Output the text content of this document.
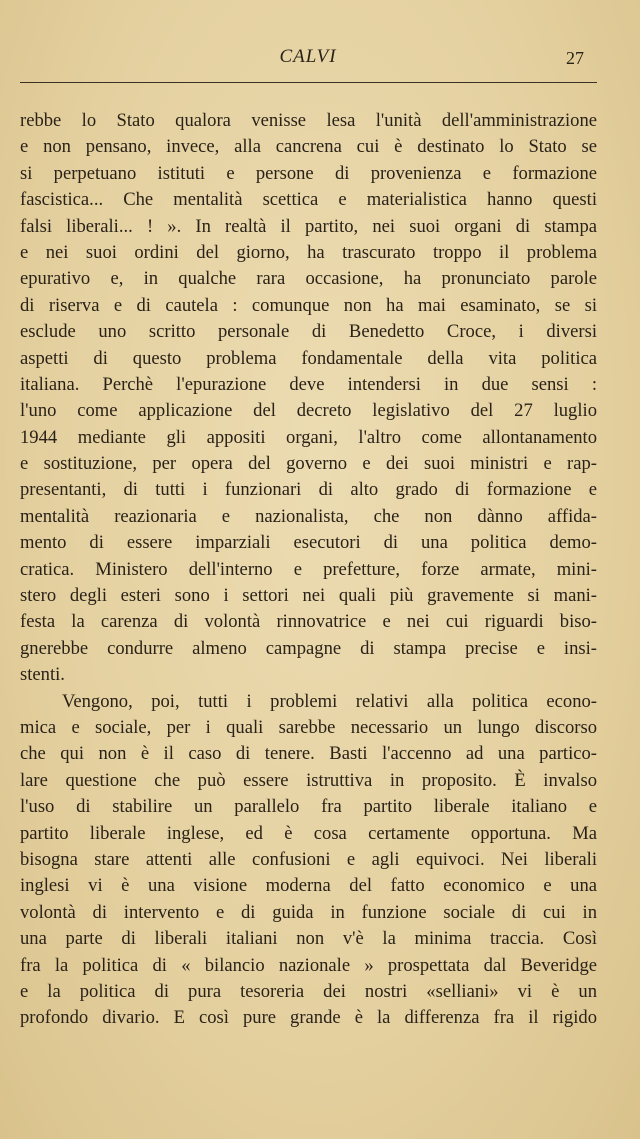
CALVI	27

rebbe lo Stato qualora venisse lesa l'unità dell'amministrazione
e non pensano, invece, alla cancrena cui è destinato lo Stato se
si perpetuano istituti e persone di provenienza e formazione
fascistica... Che mentalità scettica e materialistica hanno questi
falsi liberali... ! ». In realtà il partito, nei suoi organi di stampa
e nei suoi ordini del giorno, ha trascurato troppo il problema
epurativo e, in qualche rara occasione, ha pronunciato parole
di riserva e di cautela : comunque non ha mai esaminato, se si
esclude uno scritto personale di Benedetto Croce, i diversi
aspetti di questo problema fondamentale della vita politica
italiana. Perchè l'epurazione deve intendersi in due sensi :
l'uno come applicazione del decreto legislativo del 27 luglio
1944 mediante gli appositi organi, l'altro come allontanamento
e sostituzione, per opera del governo e dei suoi ministri e rap-
presentanti, di tutti i funzionari di alto grado di formazione e
mentalità reazionaria e nazionalista, che non dànno affida-
mento di essere imparziali esecutori di una politica demo-
cratica. Ministero dell'interno e prefetture, forze armate, mini-
stero degli esteri sono i settori nei quali più gravemente si mani-
festa la carenza di volontà rinnovatrice e nei cui riguardi biso-
gnerebbe condurre almeno campagne di stampa precise e insi-
stenti.

Vengono, poi, tutti i problemi relativi alla politica econo-
mica e sociale, per i quali sarebbe necessario un lungo discorso
che qui non è il caso di tenere. Basti l'accenno ad una partico-
lare questione che può essere istruttiva in proposito. È invalso
l'uso di stabilire un parallelo fra partito liberale italiano e
partito liberale inglese, ed è cosa certamente opportuna. Ma
bisogna stare attenti alle confusioni e agli equivoci. Nei liberali
inglesi vi è una visione moderna del fatto economico e una
volontà di intervento e di guida in funzione sociale di cui in
una parte di liberali italiani non v'è la minima traccia. Così
fra la politica di « bilancio nazionale » prospettata dal Beveridge
e la politica di pura tesoreria dei nostri «selliani» vi è un
profondo divario. E così pure grande è la differenza fra il rigido
